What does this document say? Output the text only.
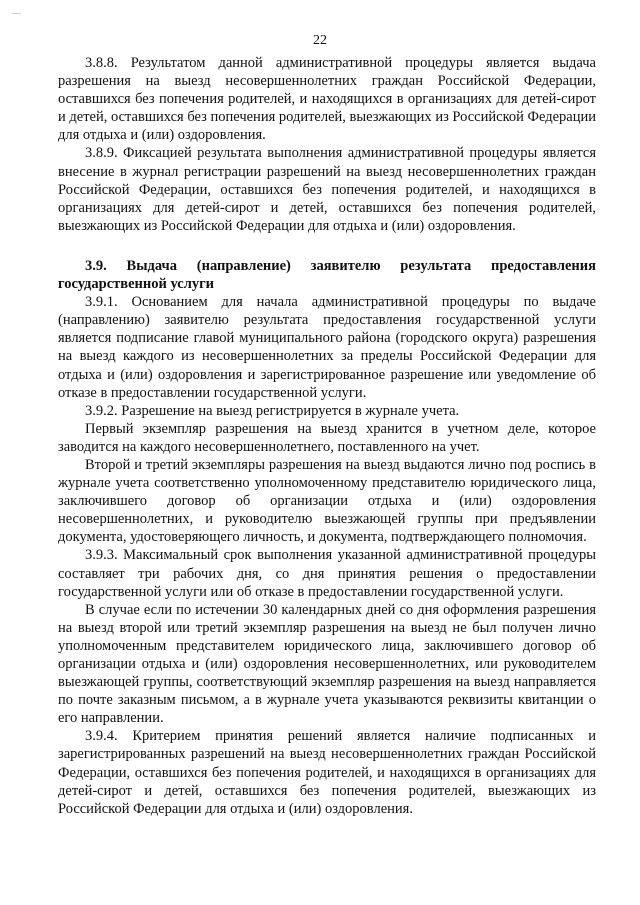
—
22

3.8.8. Результатом данной административной процедуры является выдача разрешения на выезд несовершеннолетних граждан Российской Федерации, оставшихся без попечения родителей, и находящихся в организациях для детей-сирот и детей, оставшихся без попечения родителей, выезжающих из Российской Федерации для отдыха и (или) оздоровления.

3.8.9. Фиксацией результата выполнения административной процедуры является внесение в журнал регистрации разрешений на выезд несовершеннолетних граждан Российской Федерации, оставшихся без попечения родителей, и находящихся в организациях для детей-сирот и детей, оставшихся без попечения родителей, выезжающих из Российской Федерации для отдыха и (или) оздоровления.

3.9. Выдача (направление) заявителю результата предоставления государственной услуги

3.9.1. Основанием для начала административной процедуры по выдаче (направлению) заявителю результата предоставления государственной услуги является подписание главой муниципального района (городского округа) разрешения на выезд каждого из несовершеннолетних за пределы Российской Федерации для отдыха и (или) оздоровления и зарегистрированное разрешение или уведомление об отказе в предоставлении государственной услуги.

3.9.2. Разрешение на выезд регистрируется в журнале учета.

Первый экземпляр разрешения на выезд хранится в учетном деле, которое заводится на каждого несовершеннолетнего, поставленного на учет.

Второй и третий экземпляры разрешения на выезд выдаются лично под роспись в журнале учета соответственно уполномоченному представителю юридического лица, заключившего договор об организации отдыха и (или) оздоровления несовершеннолетних, и руководителю выезжающей группы при предъявлении документа, удостоверяющего личность, и документа, подтверждающего полномочия.

3.9.3. Максимальный срок выполнения указанной административной процедуры составляет три рабочих дня, со дня принятия решения о предоставлении государственной услуги или об отказе в предоставлении государственной услуги.

В случае если по истечении 30 календарных дней со дня оформления разрешения на выезд второй или третий экземпляр разрешения на выезд не был получен лично уполномоченным представителем юридического лица, заключившего договор об организации отдыха и (или) оздоровления несовершеннолетних, или руководителем выезжающей группы, соответствующий экземпляр разрешения на выезд направляется по почте заказным письмом, а в журнале учета указываются реквизиты квитанции о его направлении.

3.9.4. Критерием принятия решений является наличие подписанных и зарегистрированных разрешений на выезд несовершеннолетних граждан Российской Федерации, оставшихся без попечения родителей, и находящихся в организациях для детей-сирот и детей, оставшихся без попечения родителей, выезжающих из Российской Федерации для отдыха и (или) оздоровления.
